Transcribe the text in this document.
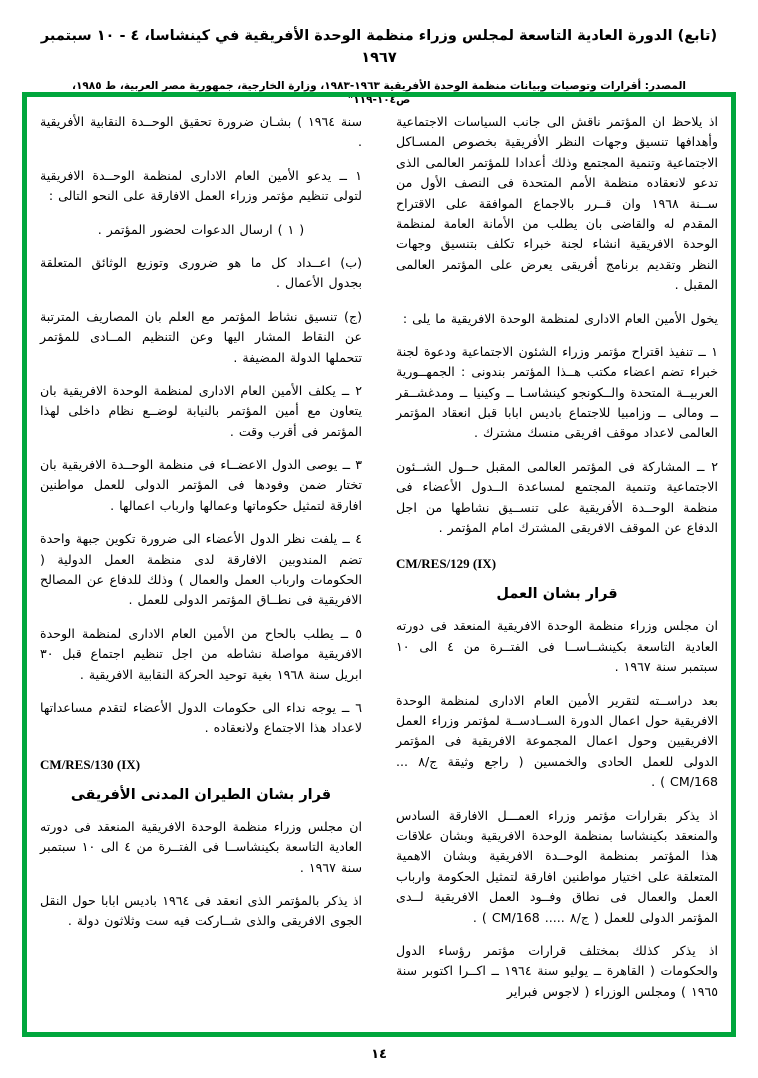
(تابع) الدورة العادية التاسعة لمجلس وزراء منظمة الوحدة الأفريقية في كينشاسا، ٤ - ١٠ سبتمبر ١٩٦٧
المصدر: ‏أقرارات وتوصيات وبيانات منظمة الوحدة الأفريقية ١٩٦٣-١٩٨٣، وزارة الخارجية، جمهورية مصر العربية، ط ١٩٨٥، ص١٠٤-١١٩"

اذ يلاحظ ان المؤتمر ناقش الى جانب السياسات الاجتماعية وأهدافها تنسيق وجهات النظر الأفريقية بخصوص المسـاكل الاجتماعية وتنمية المجتمع وذلك أعدادا للمؤتمر العالمى الذى تدعو لانعقاده منظمة الأمم المتحدة فى النصف الأول من ســنة ١٩٦٨ وان قــرر بالاجماع الموافقة على الاقتراح المقدم له والقاضى بان يطلب من الأمانة العامة لمنظمة الوحدة الافريقية انشاء لجنة خبراء تكلف بتنسيق وجهات النظر وتقديم برنامج أفريقى يعرض على المؤتمر العالمى المقبل .

يخول الأمين العام الادارى لمنظمة الوحدة الافريقية ما يلى :

١ ــ تنفيذ اقتراح مؤتمر وزراء الشئون الاجتماعية ودعوة لجنة خبراء تضم اعضاء مكتب هــذا المؤتمر بندونى : الجمهــورية العربيــة المتحدة والــكونجو كينشاسـا ــ وكينيا ــ ومدغشــقر ــ ومالى ــ وزامبيا للاجتماع باديس ابابا قبل انعقاد المؤتمر العالمى لاعداد موقف افريقى منسك مشترك .

٢ ــ المشاركة فى المؤتمر العالمى المقبل حــول الشــئون الاجتماعية وتنمية المجتمع لمساعدة الــدول الأعضاء فى منظمة الوحــدة الأفريقية على تنســيق نشاطها من اجل الدفاع عن الموقف الافريقى المشترك امام المؤتمر .

CM/RES/129 (IX)
قرار بشان العمل

ان مجلس وزراء منظمة الوحدة الافريقية المنعقد فى دورته العادية التاسعة بكينشــاســا فى الفتــرة من ٤ الى ١٠ سبتمبر سنة ١٩٦٧ .

بعد دراســته لتقرير الأمين العام الادارى لمنظمة الوحدة الافريقية حول اعمال الدورة الســادســة لمؤتمر وزراء العمل الافريقيين وحول اعمال المجموعة الافريقية فى المؤتمر الدولى للعمل الحادى والخمسين ( راجع وثيقة ج/٨ ... CM/168 ) .

اذ يذكر بقرارات مؤتمر وزراء العمـــل الافارقة السادس والمنعقد بكينشاسا بمنظمة الوحدة الافريقية وبشان علاقات هذا المؤتمر بمنظمة الوحــدة الافريقية وبشان الاهمية المتعلقة على اختيار مواطنين افارقة لتمثيل الحكومة وارباب العمل والعمال فى نطاق وفــود العمل الافريقية لــدى المؤتمر الدولى للعمل ( ج/٨ ..... CM/168 ) .

اذ يذكر كذلك بمختلف قرارات مؤتمر رؤساء الدول والحكومات ( القاهرة ــ يوليو سنة ١٩٦٤ ــ اكــرا اكتوبر سنة ١٩٦٥ ) ومجلس الوزراء ( لاجوس فبراير

سنة ١٩٦٤ ) بشـان ضرورة تحقيق الوحــدة النقابية الأفريقية .

١ ــ يدعو الأمين العام الادارى لمنظمة الوحــدة الافريقية لتولى تنظيم مؤتمر وزراء العمل الافارقة على النحو التالى :

( ١ ) ارسال الدعوات لحضور المؤتمر .

(ب) اعــداد كل ما هو ضرورى وتوزيع الوثائق المتعلقة بجدول الأعمال .

(ج) تنسيق نشاط المؤتمر مع العلم بان المصاريف المترتبة عن النقاط المشار اليها وعن التنظيم المــادى للمؤتمر تتحملها الدولة المضيفة .

٢ ــ يكلف الأمين العام الادارى لمنظمة الوحدة الافريقية بان يتعاون مع أمين المؤتمر بالنيابة لوضــع نظام داخلى لهذا المؤتمر فى أقرب وقت .

٣ ــ يوصى الدول الاعضــاء فى منظمة الوحــدة الافريقية بان تختار ضمن وفودها فى المؤتمر الدولى للعمل مواطنين افارقة لتمثيل حكوماتها وعمالها وارباب اعمالها .

٤ ــ يلفت نظر الدول الأعضاء الى ضرورة تكوين جبهة واحدة تضم المندوبين الافارقة لدى منظمة العمل الدولية ( الحكومات وارباب العمل والعمال ) وذلك للدفاع عن المصالح الافريقية فى نطــاق المؤتمر الدولى للعمل .

٥ ــ يطلب بالحاح من الأمين العام الادارى لمنظمة الوحدة الافريقية مواصلة نشاطه من اجل تنظيم اجتماع قبل ٣٠ ابريل سنة ١٩٦٨ بغية توحيد الحركة النقابية الافريقية .

٦ ــ يوجه نداء الى حكومات الدول الأعضاء لتقدم مساعداتها لاعداد هذا الاجتماع ولانعقاده .

CM/RES/130 (IX)
قرار بشان الطيران المدنى الأفريقى

ان مجلس وزراء منظمة الوحدة الافريقية المنعقد فى دورته العادية التاسعة بكينشاســا فى الفتــرة من ٤ الى ١٠ سبتمبر سنة ١٩٦٧ .

اذ يذكر بالمؤتمر الذى انعقد فى ١٩٦٤ باديس ابابا حول النقل الجوى الافريقى والذى شــاركت فيه ست وثلاثون دولة .

١٤
